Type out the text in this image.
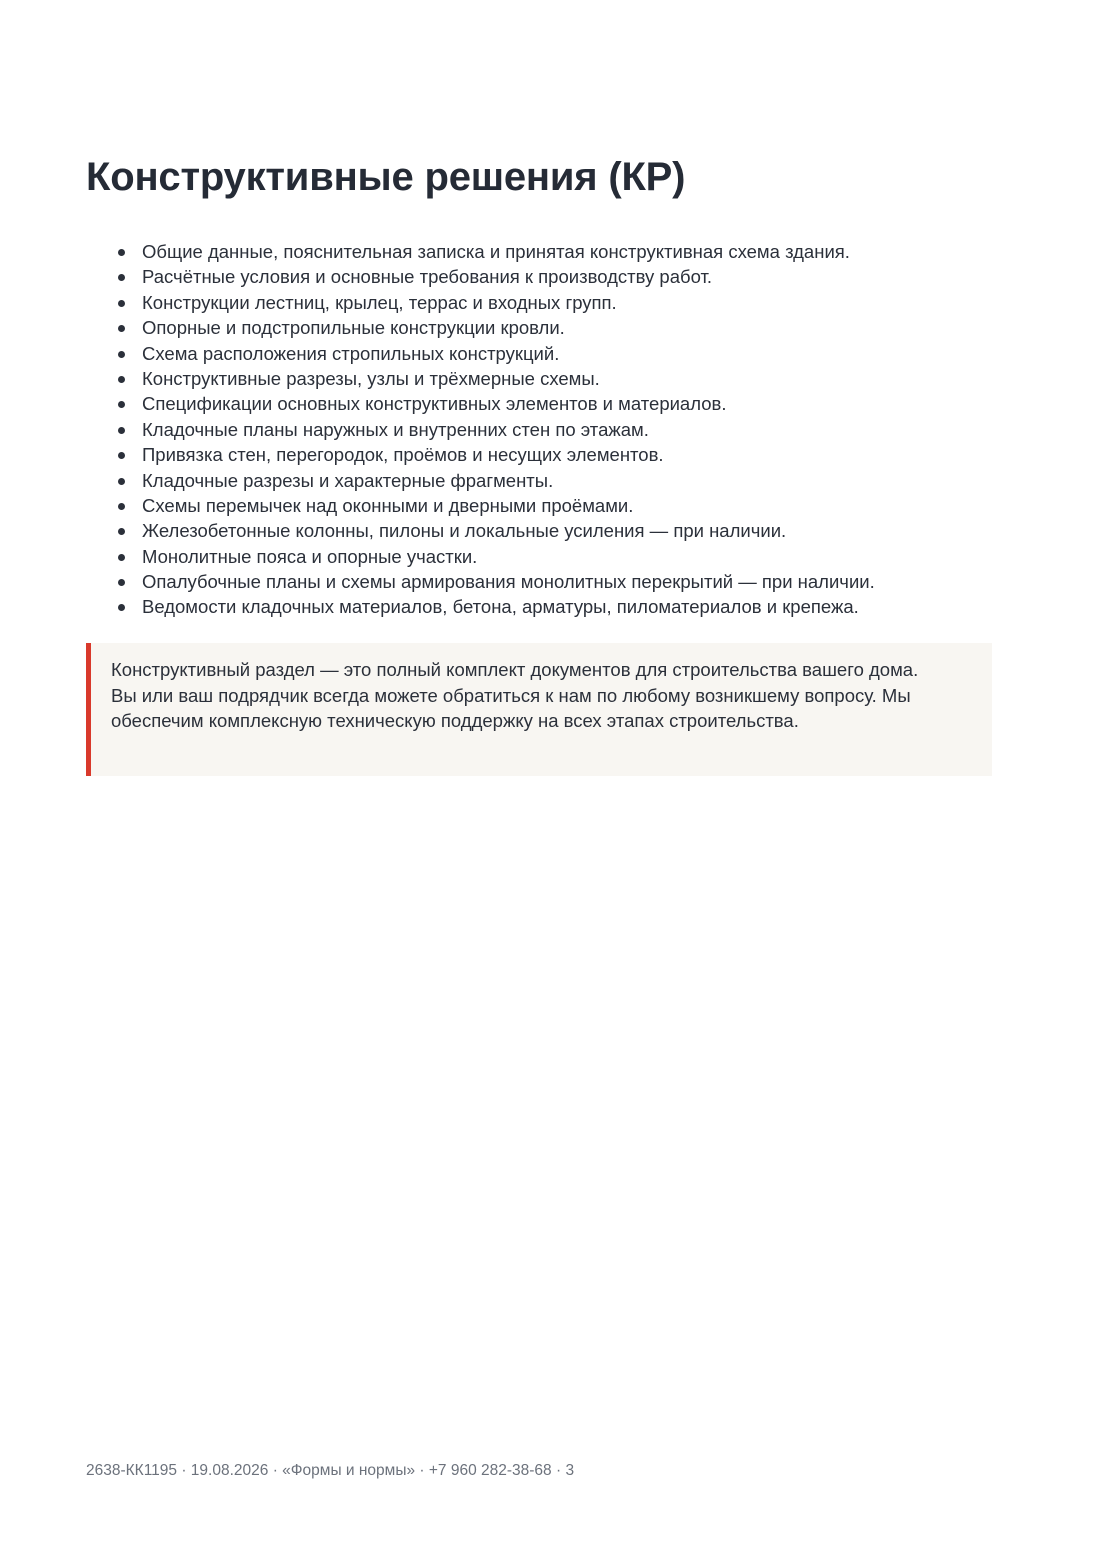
Конструктивные решения (КР)
Общие данные, пояснительная записка и принятая конструктивная схема здания.
Расчётные условия и основные требования к производству работ.
Конструкции лестниц, крылец, террас и входных групп.
Опорные и подстропильные конструкции кровли.
Схема расположения стропильных конструкций.
Конструктивные разрезы, узлы и трёхмерные схемы.
Спецификации основных конструктивных элементов и материалов.
Кладочные планы наружных и внутренних стен по этажам.
Привязка стен, перегородок, проёмов и несущих элементов.
Кладочные разрезы и характерные фрагменты.
Схемы перемычек над оконными и дверными проёмами.
Железобетонные колонны, пилоны и локальные усиления — при наличии.
Монолитные пояса и опорные участки.
Опалубочные планы и схемы армирования монолитных перекрытий — при наличии.
Ведомости кладочных материалов, бетона, арматуры, пиломатериалов и крепежа.

Конструктивный раздел — это полный комплект документов для строительства вашего дома. Вы или ваш подрядчик всегда можете обратиться к нам по любому возникшему вопросу. Мы обеспечим комплексную техническую поддержку на всех этапах строительства.

2638-КК1195 · 19.08.2026 · «Формы и нормы» · +7 960 282-38-68 · 3
